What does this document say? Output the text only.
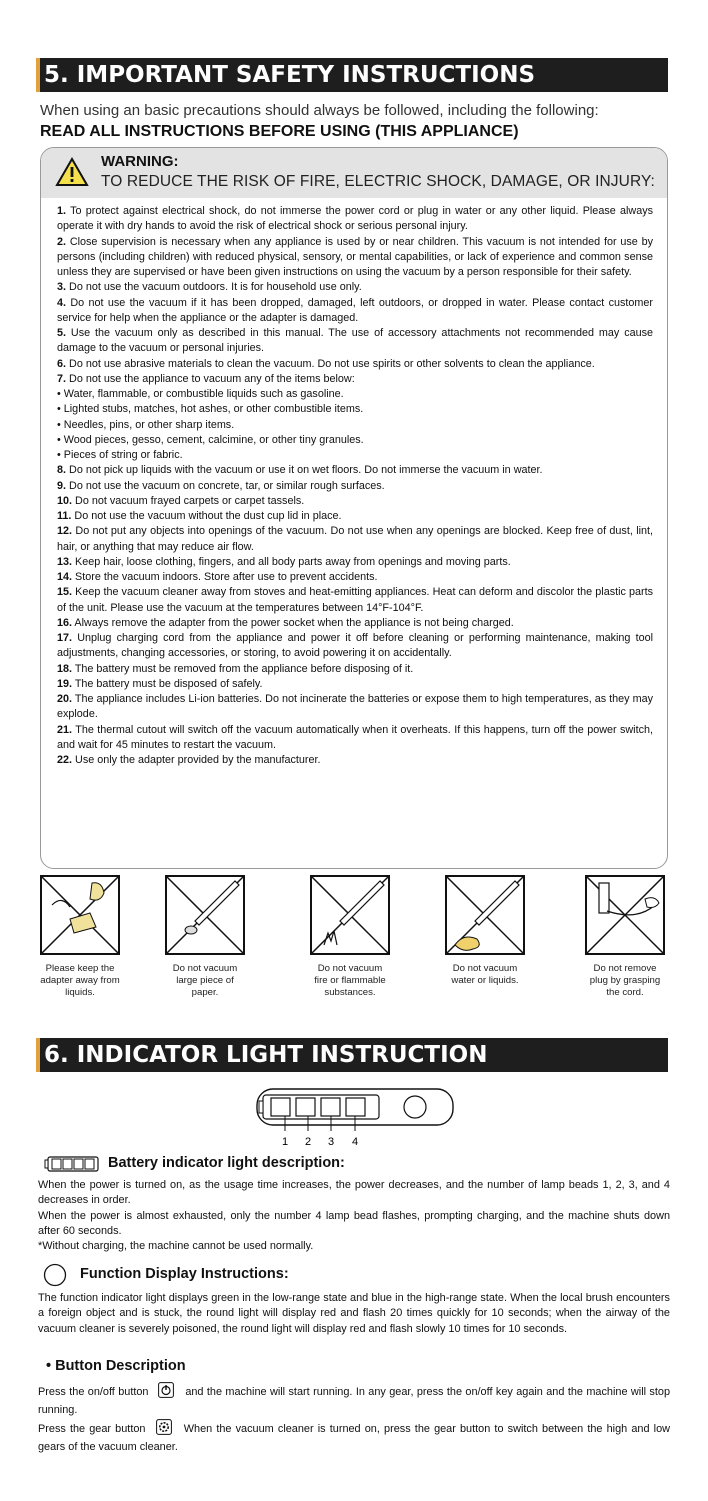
5. IMPORTANT SAFETY INSTRUCTIONS
When using an basic precautions should always be followed, including the following:
READ ALL INSTRUCTIONS BEFORE USING (THIS APPLIANCE)
WARNING:
TO REDUCE THE RISK OF FIRE, ELECTRIC SHOCK, DAMAGE, OR INJURY:

1. To protect against electrical shock, do not immerse the power cord or plug in water or any other liquid. Please always operate it with dry hands to avoid the risk of electrical shock or serious personal injury.

2. Close supervision is necessary when any appliance is used by or near children. This vacuum is not intended for use by persons (including children) with reduced physical, sensory, or mental capabilities, or lack of experience and common sense unless they are supervised or have been given instructions on using the vacuum by a person responsible for their safety.

3. Do not use the vacuum outdoors. It is for household use only.

4. Do not use the vacuum if it has been dropped, damaged, left outdoors, or dropped in water. Please contact customer service for help when the appliance or the adapter is damaged.

5. Use the vacuum only as described in this manual. The use of accessory attachments not recommended may cause damage to the vacuum or personal injuries.

6. Do not use abrasive materials to clean the vacuum. Do not use spirits or other solvents to clean the appliance.

7. Do not use the appliance to vacuum any of the items below:

• Water, flammable, or combustible liquids such as gasoline.

• Lighted stubs, matches, hot ashes, or other combustible items.

• Needles, pins, or other sharp items.

• Wood pieces, gesso, cement, calcimine, or other tiny granules.

• Pieces of string or fabric.

8. Do not pick up liquids with the vacuum or use it on wet floors. Do not immerse the vacuum in water.

9. Do not use the vacuum on concrete, tar, or similar rough surfaces.

10. Do not vacuum frayed carpets or carpet tassels.

11. Do not use the vacuum without the dust cup lid in place.

12. Do not put any objects into openings of the vacuum. Do not use when any openings are blocked. Keep free of dust, lint, hair, or anything that may reduce air flow.

13. Keep hair, loose clothing, fingers, and all body parts away from openings and moving parts.

14. Store the vacuum indoors. Store after use to prevent accidents.

15. Keep the vacuum cleaner away from stoves and heat-emitting appliances. Heat can deform and discolor the plastic parts of the unit. Please use the vacuum at the temperatures between 14°F-104°F.

16. Always remove the adapter from the power socket when the appliance is not being charged.

17. Unplug charging cord from the appliance and power it off before cleaning or performing maintenance, making tool adjustments, changing accessories, or storing, to avoid powering it on accidentally.

18. The battery must be removed from the appliance before disposing of it.

19. The battery must be disposed of safely.

20. The appliance includes Li-ion batteries. Do not incinerate the batteries or expose them to high temperatures, as they may explode.

21. The thermal cutout will switch off the vacuum automatically when it overheats. If this happens, turn off the power switch, and wait for 45 minutes to restart the vacuum.

22. Use only the adapter provided by the manufacturer.

Please keep the adapter away from liquids.
Do not vacuum large piece of paper.
Do not vacuum fire or flammable substances.
Do not vacuum water or liquids.
Do not remove plug by grasping the cord.
6. INDICATOR LIGHT INSTRUCTION
1 2 3 4
Battery indicator light description:

When the power is turned on, as the usage time increases, the power decreases, and the number of lamp beads 1, 2, 3, and 4 decreases in order.

When the power is almost exhausted, only the number 4 lamp bead flashes, prompting charging, and the machine shuts down after 60 seconds.

*Without charging, the machine cannot be used normally.

Function Display Instructions:
The function indicator light displays green in the low-range state and blue in the high-range state. When the local brush encounters a foreign object and is stuck, the round light will display red and flash 20 times quickly for 10 seconds; when the airway of the vacuum cleaner is severely poisoned, the round light will display red and flash slowly 10 times for 10 seconds.
• Button Description

Press the on/off button	and the machine will start running. In any gear, press the on/off key again and the machine will stop running.

Press the gear button	When the vacuum cleaner is turned on, press the gear button to switch between the high and low gears of the vacuum cleaner.
